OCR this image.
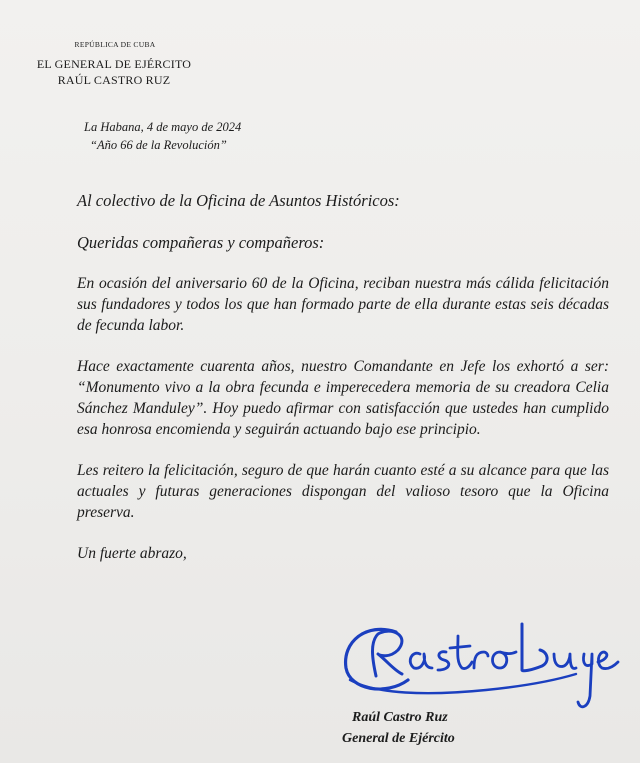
REPÚBLICA DE CUBA
EL GENERAL DE EJÉRCITO
RAÚL CASTRO RUZ
La Habana, 4 de mayo de 2024
“Año 66 de la Revolución”

Al colectivo de la Oficina de Asuntos Históricos:

Queridas compañeras y compañeros:

En ocasión del aniversario 60 de la Oficina, reciban nuestra más cálida felicitación sus fundadores y todos los que han formado parte de ella durante estas seis décadas de fecunda labor.

Hace exactamente cuarenta años, nuestro Comandante en Jefe los exhortó a ser: “Monumento vivo a la obra fecunda e imperecedera memoria de su creadora Celia Sánchez Manduley”. Hoy puedo afirmar con satisfacción que ustedes han cumplido esa honrosa encomienda y seguirán actuando bajo ese principio.

Les reitero la felicitación, seguro de que harán cuanto esté a su alcance para que las actuales y futuras generaciones dispongan del valioso tesoro que la Oficina preserva.

Un fuerte abrazo,

Raúl Castro Ruz
General de Ejército
